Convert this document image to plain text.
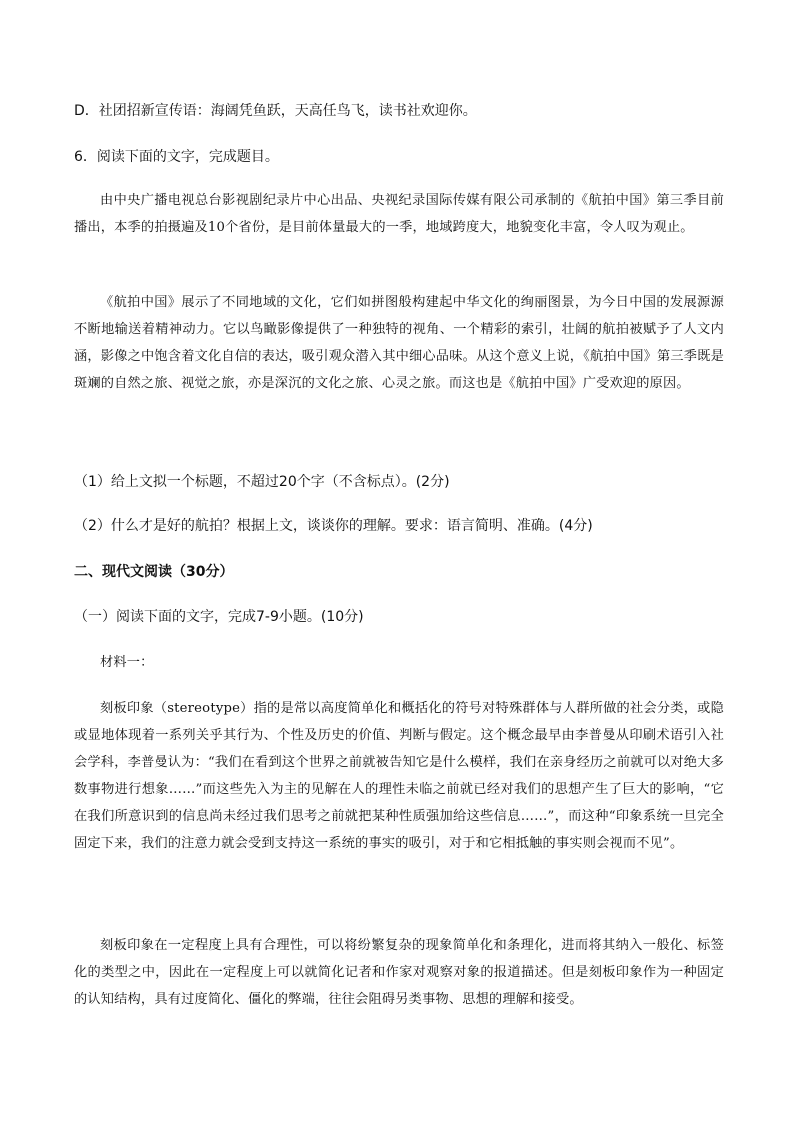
D．社团招新宣传语：海阔凭鱼跃，天高任鸟飞，读书社欢迎你。
6．阅读下面的文字，完成题目。
由中央广播电视总台影视剧纪录片中心出品、央视纪录国际传媒有限公司承制的《航拍中国》第三季目前播出，本季的拍摄遍及10个省份，是目前体量最大的一季，地域跨度大，地貌变化丰富，令人叹为观止。
《航拍中国》展示了不同地域的文化，它们如拼图般构建起中华文化的绚丽图景，为今日中国的发展源源不断地输送着精神动力。它以鸟瞰影像提供了一种独特的视角、一个精彩的索引，壮阔的航拍被赋予了人文内涵，影像之中饱含着文化自信的表达，吸引观众潜入其中细心品味。从这个意义上说，《航拍中国》第三季既是斑斓的自然之旅、视觉之旅，亦是深沉的文化之旅、心灵之旅。而这也是《航拍中国》广受欢迎的原因。
（1）给上文拟一个标题，不超过20个字（不含标点）。(2分)
（2）什么才是好的航拍？根据上文，谈谈你的理解。要求：语言简明、准确。(4分)
二、现代文阅读（30分）
（一）阅读下面的文字，完成7-9小题。(10分)
材料一：
刻板印象（stereotype）指的是常以高度简单化和概括化的符号对特殊群体与人群所做的社会分类，或隐或显地体现着一系列关乎其行为、个性及历史的价值、判断与假定。这个概念最早由李普曼从印刷术语引入社会学科，李普曼认为：“我们在看到这个世界之前就被告知它是什么模样，我们在亲身经历之前就可以对绝大多数事物进行想象……”而这些先入为主的见解在人的理性未临之前就已经对我们的思想产生了巨大的影响，“它在我们所意识到的信息尚未经过我们思考之前就把某种性质强加给这些信息……”，而这种“印象系统一旦完全固定下来，我们的注意力就会受到支持这一系统的事实的吸引，对于和它相抵触的事实则会视而不见”。
刻板印象在一定程度上具有合理性，可以将纷繁复杂的现象简单化和条理化，进而将其纳入一般化、标签化的类型之中，因此在一定程度上可以就简化记者和作家对观察对象的报道描述。但是刻板印象作为一种固定的认知结构，具有过度简化、僵化的弊端，往往会阻碍另类事物、思想的理解和接受。
